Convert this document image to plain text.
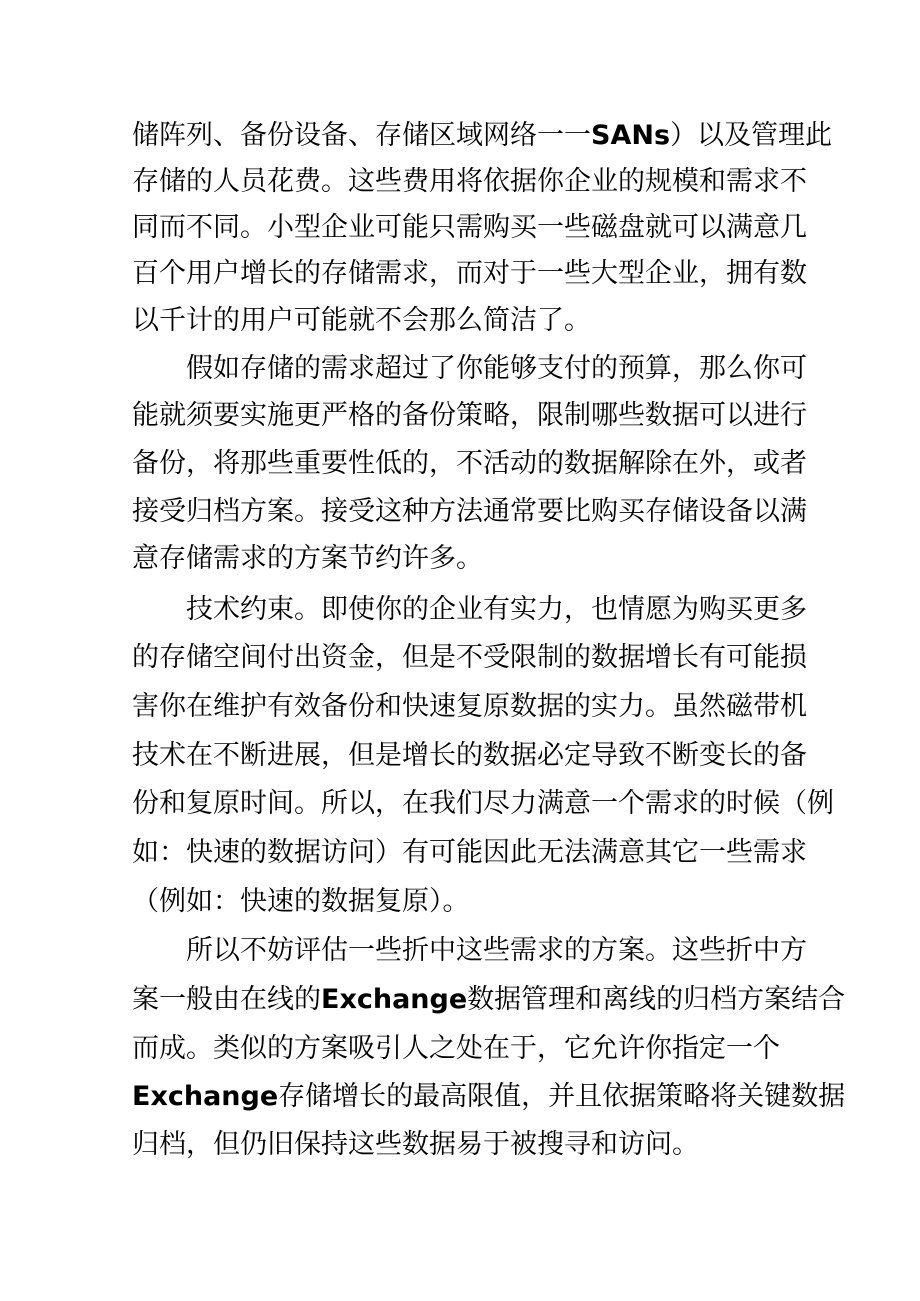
储阵列、备份设备、存储区域网络一一SANs）以及管理此
存储的人员花费。这些费用将依据你企业的规模和需求不
同而不同。小型企业可能只需购买一些磁盘就可以满意几
百个用户增长的存储需求，而对于一些大型企业，拥有数
以千计的用户可能就不会那么简洁了。
假如存储的需求超过了你能够支付的预算，那么你可
能就须要实施更严格的备份策略，限制哪些数据可以进行
备份，将那些重要性低的，不活动的数据解除在外，或者
接受归档方案。接受这种方法通常要比购买存储设备以满
意存储需求的方案节约许多。
技术约束。即使你的企业有实力，也情愿为购买更多
的存储空间付出资金，但是不受限制的数据增长有可能损
害你在维护有效备份和快速复原数据的实力。虽然磁带机
技术在不断进展，但是增长的数据必定导致不断变长的备
份和复原时间。所以，在我们尽力满意一个需求的时候（例
如：快速的数据访问）有可能因此无法满意其它一些需求
（例如：快速的数据复原）。
所以不妨评估一些折中这些需求的方案。这些折中方
案一般由在线的Exchange数据管理和离线的归档方案结合
而成。类似的方案吸引人之处在于，它允许你指定一个
Exchange存储增长的最高限值，并且依据策略将关键数据
归档，但仍旧保持这些数据易于被搜寻和访问。
